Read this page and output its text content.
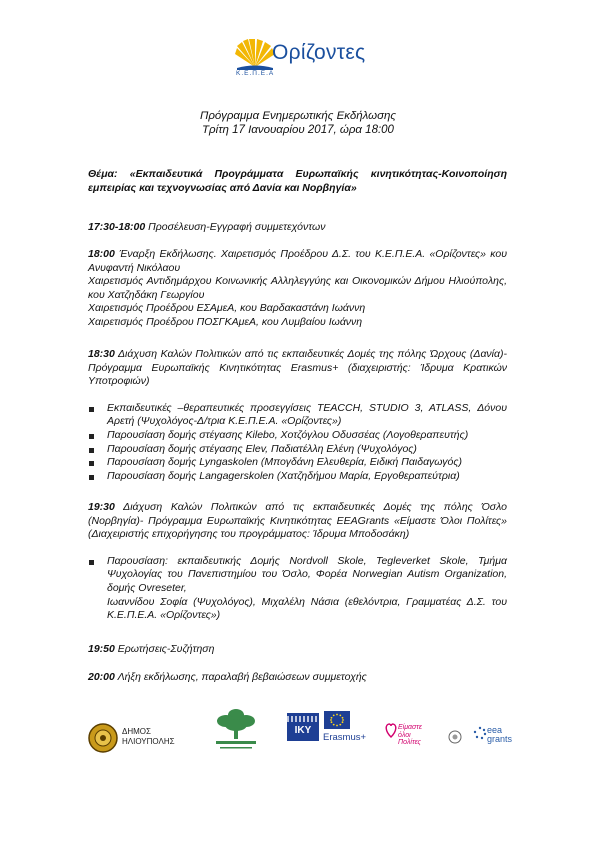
Ορίζοντες
Κ.Ε.Π.Ε.Α
Πρόγραμμα Ενημερωτικής Εκδήλωσης
Τρίτη 17 Ιανουαρίου 2017, ώρα 18:00
Θέμα: «Εκπαιδευτικά Προγράμματα Ευρωπαϊκής κινητικότητας-Κοινοποίηση εμπειρίας και τεχνογνωσίας από Δανία και Νορβηγία»
17:30-18:00 Προσέλευση-Εγγραφή συμμετεχόντων
18:00 Έναρξη Εκδήλωσης. Χαιρετισμός Προέδρου Δ.Σ. του Κ.Ε.Π.Ε.Α. «Ορίζοντες» κου Ανυφαντή Νικόλαου
Χαιρετισμός Αντιδημάρχου Κοινωνικής Αλληλεγγύης και Οικονομικών Δήμου Ηλιούπολης, κου Χατζηδάκη Γεωργίου
Χαιρετισμός Προέδρου ΕΣΑμεΑ, κου Βαρδακαστάνη Ιωάννη
Χαιρετισμός Προέδρου ΠΟΣΓΚΑμεΑ, κου Λυμβαίου Ιωάννη
18:30 Διάχυση Καλών Πολιτικών από τις εκπαιδευτικές Δομές της πόλης Ώρχους (Δανία)- Πρόγραμμα Ευρωπαϊκής Κινητικότητας Erasmus+ (διαχειριστής: Ίδρυμα Κρατικών Υποτροφιών)
Εκπαιδευτικές –θεραπευτικές προσεγγίσεις TEACCH, STUDIO 3, ATLASS, Δόνου Αρετή (Ψυχολόγος-Δ/τρια Κ.Ε.Π.Ε.Α. «Ορίζοντες»)
Παρουσίαση δομής στέγασης Kilebo, Χοτζόγλου Οδυσσέας (Λογοθεραπευτής)
Παρουσίαση δομής στέγασης Elev, Παδιατέλλη Ελένη (Ψυχολόγος)
Παρουσίαση δομής Lyngaskolen (Μπογδάνη Ελευθερία, Ειδική Παιδαγωγός)
Παρουσίαση δομής Langagerskolen (Χατζηδήμου Μαρία, Εργοθεραπεύτρια)
19:30 Διάχυση Καλών Πολιτικών από τις εκπαιδευτικές Δομές της πόλης Όσλο (Νορβηγία)- Πρόγραμμα Ευρωπαϊκής Κινητικότητας EEAGrants «Είμαστε Όλοι Πολίτες» (Διαχειριστής επιχορήγησης του προγράμματος: Ίδρυμα Μποδοσάκη)
Παρουσίαση: εκπαιδευτικής Δομής Nordvoll Skole, Tegleverket Skole, Τμήμα Ψυχολογίας του Πανεπιστημίου του Όσλο, Φορέα Norwegian Autism Organization, δομής Ovreseter,
Ιωαννίδου Σοφία (Ψυχολόγος), Μιχαλέλη Νάσια (εθελόντρια, Γραμματέας Δ.Σ. του Κ.Ε.Π.Ε.Α. «Ορίζοντες»)
19:50 Ερωτήσεις-Συζήτηση
20:00 Λήξη εκδήλωσης, παραλαβή βεβαιώσεων συμμετοχής
ΔΗΜΟΣ ΗΛΙΟΥΠΟΛΗΣ
IKY
Erasmus+
Είμαστε
όλοι
Πολίτες
eea
grants
